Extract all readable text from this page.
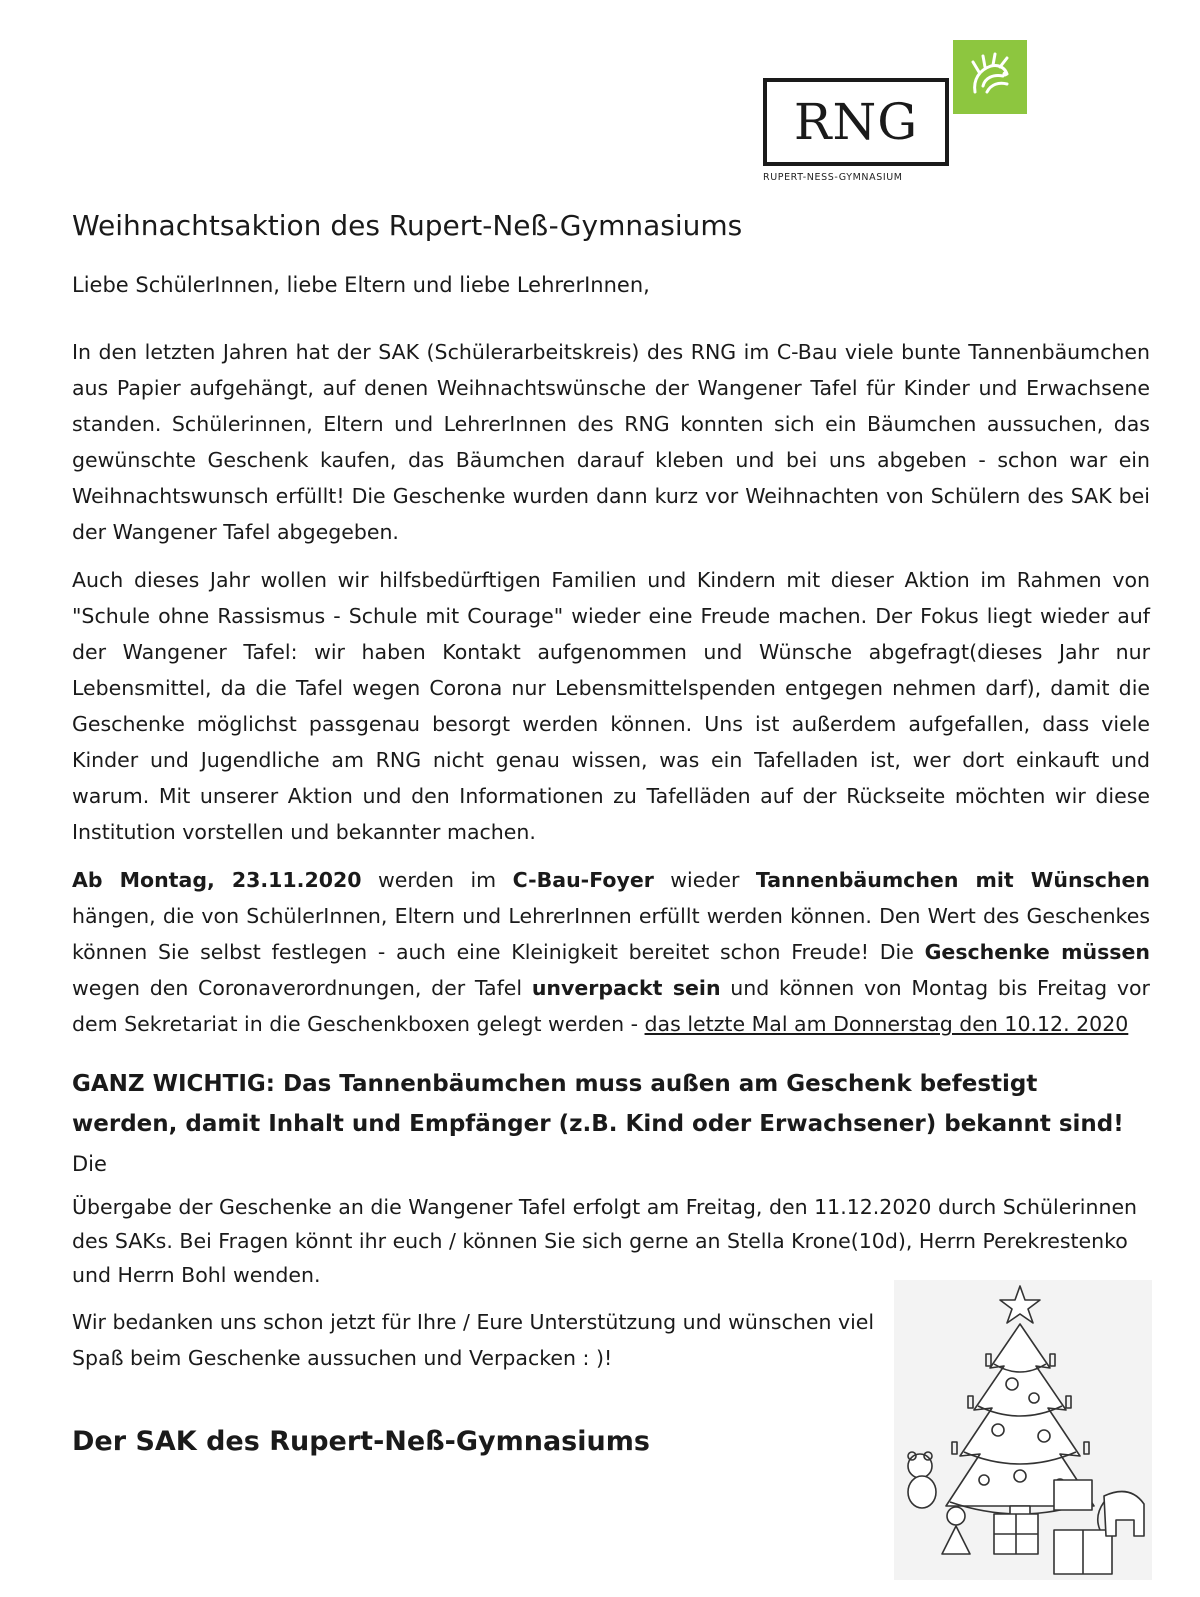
RNG
RUPERT-NESS-GYMNASIUM
Weihnachtsaktion des Rupert-Neß-Gymnasiums
Liebe SchülerInnen, liebe Eltern und liebe LehrerInnen,

In den letzten Jahren hat der SAK (Schülerarbeitskreis) des RNG im C-Bau viele bunte Tannenbäumchen aus Papier aufgehängt, auf denen Weihnachtswünsche der Wangener Tafel für Kinder und Erwachsene standen. Schülerinnen, Eltern und LehrerInnen des RNG konnten sich ein Bäumchen aussuchen, das gewünschte Geschenk kaufen, das Bäumchen darauf kleben und bei uns abgeben - schon war ein Weihnachtswunsch erfüllt! Die Geschenke wurden dann kurz vor Weihnachten von Schülern des SAK bei der Wangener Tafel abgegeben.

Auch dieses Jahr wollen wir hilfsbedürftigen Familien und Kindern mit dieser Aktion im Rahmen von "Schule ohne Rassismus - Schule mit Courage" wieder eine Freude machen. Der Fokus liegt wieder auf der Wangener Tafel: wir haben Kontakt aufgenommen und Wünsche abgefragt(dieses Jahr nur Lebensmittel, da die Tafel wegen Corona nur Lebensmittelspenden entgegen nehmen darf), damit die Geschenke möglichst passgenau besorgt werden können. Uns ist außerdem aufgefallen, dass viele Kinder und Jugendliche am RNG nicht genau wissen, was ein Tafelladen ist, wer dort einkauft und warum. Mit unserer Aktion und den Informationen zu Tafelläden auf der Rückseite möchten wir diese Institution vorstellen und bekannter machen.

Ab Montag, 23.11.2020 werden im C-Bau-Foyer wieder Tannenbäumchen mit Wünschen hängen, die von SchülerInnen, Eltern und LehrerInnen erfüllt werden können. Den Wert des Geschenkes können Sie selbst festlegen - auch eine Kleinigkeit bereitet schon Freude! Die Geschenke müssen wegen den Coronaverordnungen, der Tafel unverpackt sein und können von Montag bis Freitag vor dem Sekretariat in die Geschenkboxen gelegt werden - das letzte Mal am Donnerstag den 10.12. 2020

GANZ WICHTIG: Das Tannenbäumchen muss außen am Geschenk befestigt werden, damit Inhalt und Empfänger (z.B. Kind oder Erwachsener) bekannt sind! Die
Übergabe der Geschenke an die Wangener Tafel erfolgt am Freitag, den 11.12.2020 durch Schülerinnen des SAKs. Bei Fragen könnt ihr euch / können Sie sich gerne an Stella Krone(10d), Herrn Perekrestenko und Herrn Bohl wenden.
Wir bedanken uns schon jetzt für Ihre / Eure Unterstützung und wünschen viel Spaß beim Geschenke aussuchen und Verpacken : )!
Der SAK des Rupert-Neß-Gymnasiums
